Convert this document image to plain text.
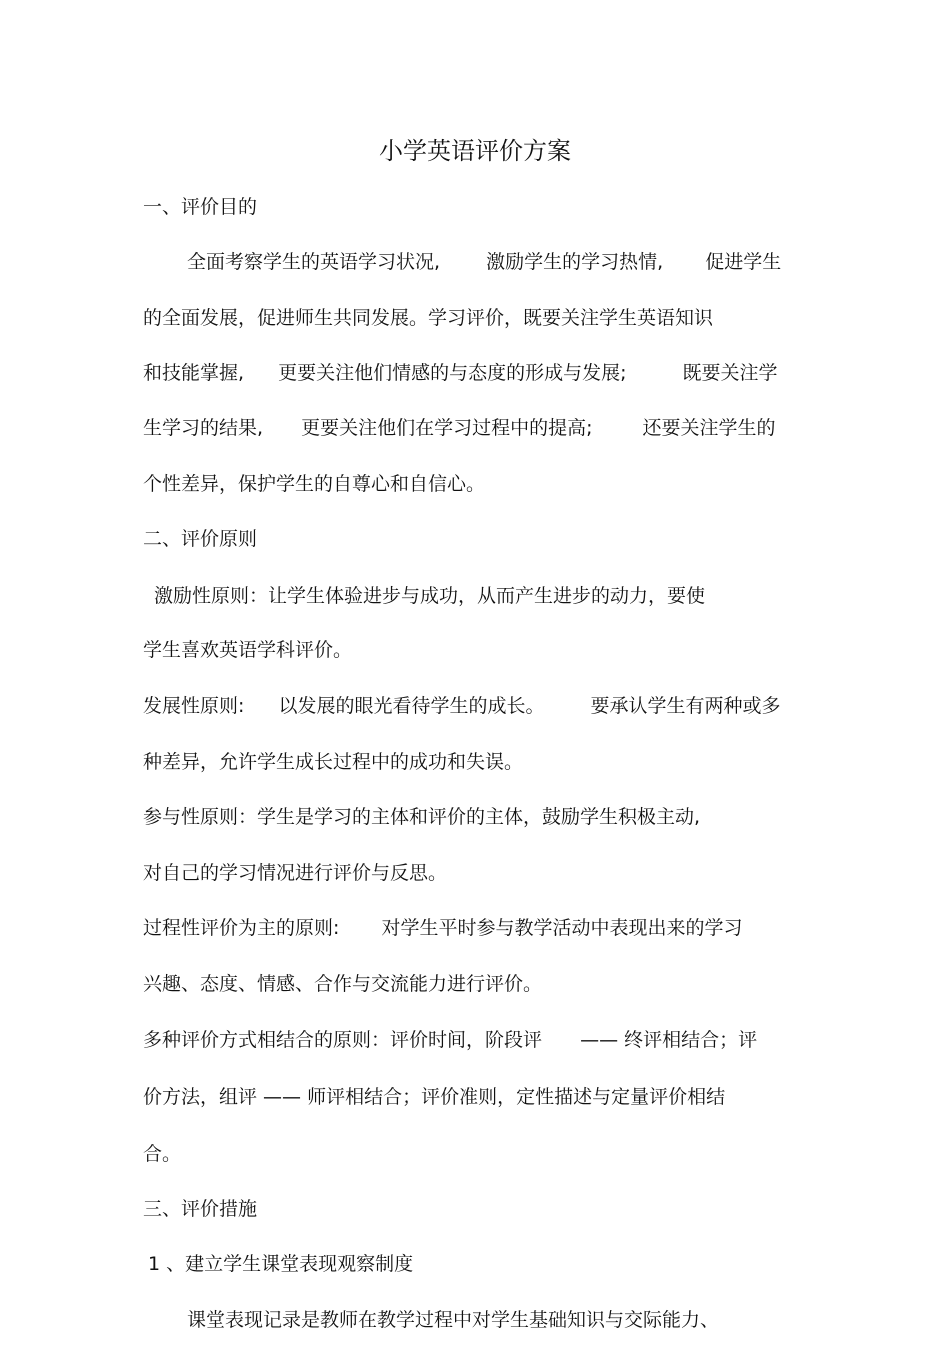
小学英语评价方案
一、评价目的
全面考察学生的英语学习状况, 激励学生的学习热情, 促进学生
的全面发展，促进师生共同发展。学习评价，既要关注学生英语知识
和技能掌握, 更要关注他们情感的与态度的形成与发展;	既要关注学
生学习的结果, 更要关注他们在学习过程中的提高;	还要关注学生的
个性差异，保护学生的自尊心和自信心。
二、评价原则
激励性原则：让学生体验进步与成功，从而产生进步的动力，要使
学生喜欢英语学科评价。
发展性原则: 以发展的眼光看待学生的成长。 要承认学生有两种或多
种差异，允许学生成长过程中的成功和失误。
参与性原则：学生是学习的主体和评价的主体，鼓励学生积极主动,
对自己的学习情况进行评价与反思。
过程性评价为主的原则: 对学生平时参与教学活动中表现出来的学习
兴趣、态度、情感、合作与交流能力进行评价。
多种评价方式相结合的原则：评价时间，阶段评 —— 终评相结合；评
价方法，组评 —— 师评相结合；评价准则，定性描述与定量评价相结
合。
三、评价措施
1 、建立学生课堂表现观察制度
课堂表现记录是教师在教学过程中对学生基础知识与交际能力、
